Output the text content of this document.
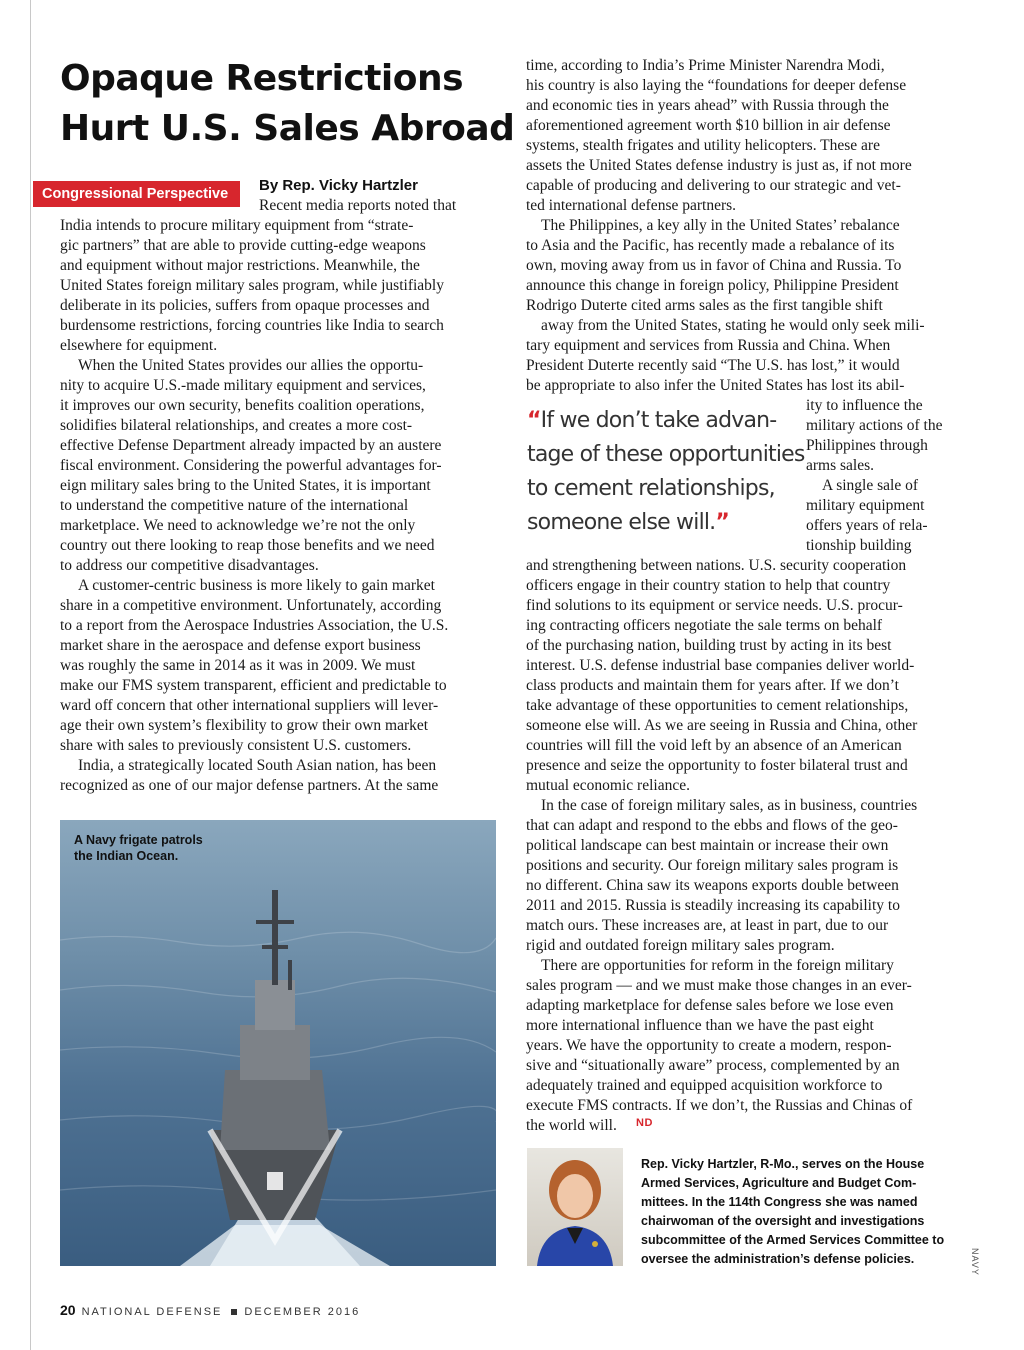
Opaque Restrictions
Hurt U.S. Sales Abroad
Congressional Perspective	By Rep. Vicky Hartzler

Recent media reports noted that

India intends to procure military equipment from “strate-

gic partners” that are able to provide cutting-edge weapons

and equipment without major restrictions. Meanwhile, the

United States foreign military sales program, while justifiably

deliberate in its policies, suffers from opaque processes and

burdensome restrictions, forcing countries like India to search

elsewhere for equipment.

When the United States provides our allies the opportu-

nity to acquire U.S.-made military equipment and services,

it improves our own security, benefits coalition operations,

solidifies bilateral relationships, and creates a more cost-

effective Defense Department already impacted by an austere

fiscal environment. Considering the powerful advantages for-

eign military sales bring to the United States, it is important

to understand the competitive nature of the international

marketplace. We need to acknowledge we’re not the only

country out there looking to reap those benefits and we need

to address our competitive disadvantages.

A customer-centric business is more likely to gain market

share in a competitive environment. Unfortunately, according

to a report from the Aerospace Industries Association, the U.S.

market share in the aerospace and defense export business

was roughly the same in 2014 as it was in 2009. We must

make our FMS system transparent, efficient and predictable to

ward off concern that other international suppliers will lever-

age their own system’s flexibility to grow their own market

share with sales to previously consistent U.S. customers.

India, a strategically located South Asian nation, has been

recognized as one of our major defense partners. At the same

time, according to India’s Prime Minister Narendra Modi,

his country is also laying the “foundations for deeper defense

and economic ties in years ahead” with Russia through the

aforementioned agreement worth $10 billion in air defense

systems, stealth frigates and utility helicopters. These are

assets the United States defense industry is just as, if not more

capable of producing and delivering to our strategic and vet-

ted international defense partners.

The Philippines, a key ally in the United States’ rebalance

to Asia and the Pacific, has recently made a rebalance of its

own, moving away from us in favor of China and Russia. To

announce this change in foreign policy, Philippine President

Rodrigo Duterte cited arms sales as the first tangible shift

away from the United States, stating he would only seek mili-

tary equipment and services from Russia and China. When

President Duterte recently said “The U.S. has lost,” it would

be appropriate to also infer the United States has lost its abil-

ity to influence the

military actions of the

Philippines through

arms sales.

A single sale of

military equipment

offers years of rela-

tionship building

and strengthening between nations. U.S. security cooperation

officers engage in their country station to help that country

find solutions to its equipment or service needs. U.S. procur-

ing contracting officers negotiate the sale terms on behalf

of the purchasing nation, building trust by acting in its best

interest. U.S. defense industrial base companies deliver world-

class products and maintain them for years after. If we don’t

take advantage of these opportunities to cement relationships,

someone else will. As we are seeing in Russia and China, other

countries will fill the void left by an absence of an American

presence and seize the opportunity to foster bilateral trust and

mutual economic reliance.

In the case of foreign military sales, as in business, countries

that can adapt and respond to the ebbs and flows of the geo-

political landscape can best maintain or increase their own

positions and security. Our foreign military sales program is

no different. China saw its weapons exports double between

2011 and 2015. Russia is steadily increasing its capability to

match ours. These increases are, at least in part, due to our

rigid and outdated foreign military sales program.

There are opportunities for reform in the foreign military

sales program — and we must make those changes in an ever-

adapting marketplace for defense sales before we lose even

more international influence than we have the past eight

years. We have the opportunity to create a modern, respon-

sive and “situationally aware” process, complemented by an

adequately trained and equipped acquisition workforce to

execute FMS contracts. If we don’t, the Russias and Chinas of

the world will.

“If we don’t take advan-
tage of these opportunities
to cement relationships,
someone else will.”
ND

A Navy frigate patrols
the Indian Ocean.

Rep. Vicky Hartzler, R-Mo., serves on the House
Armed Services, Agriculture and Budget Com-
mittees. In the 114th Congress she was named
chairwoman of the oversight and investigations
subcommittee of the Armed Services Committee to
oversee the administration’s defense policies.	NAVY

20 NATIONAL DEFENSE DECEMBER 2016
